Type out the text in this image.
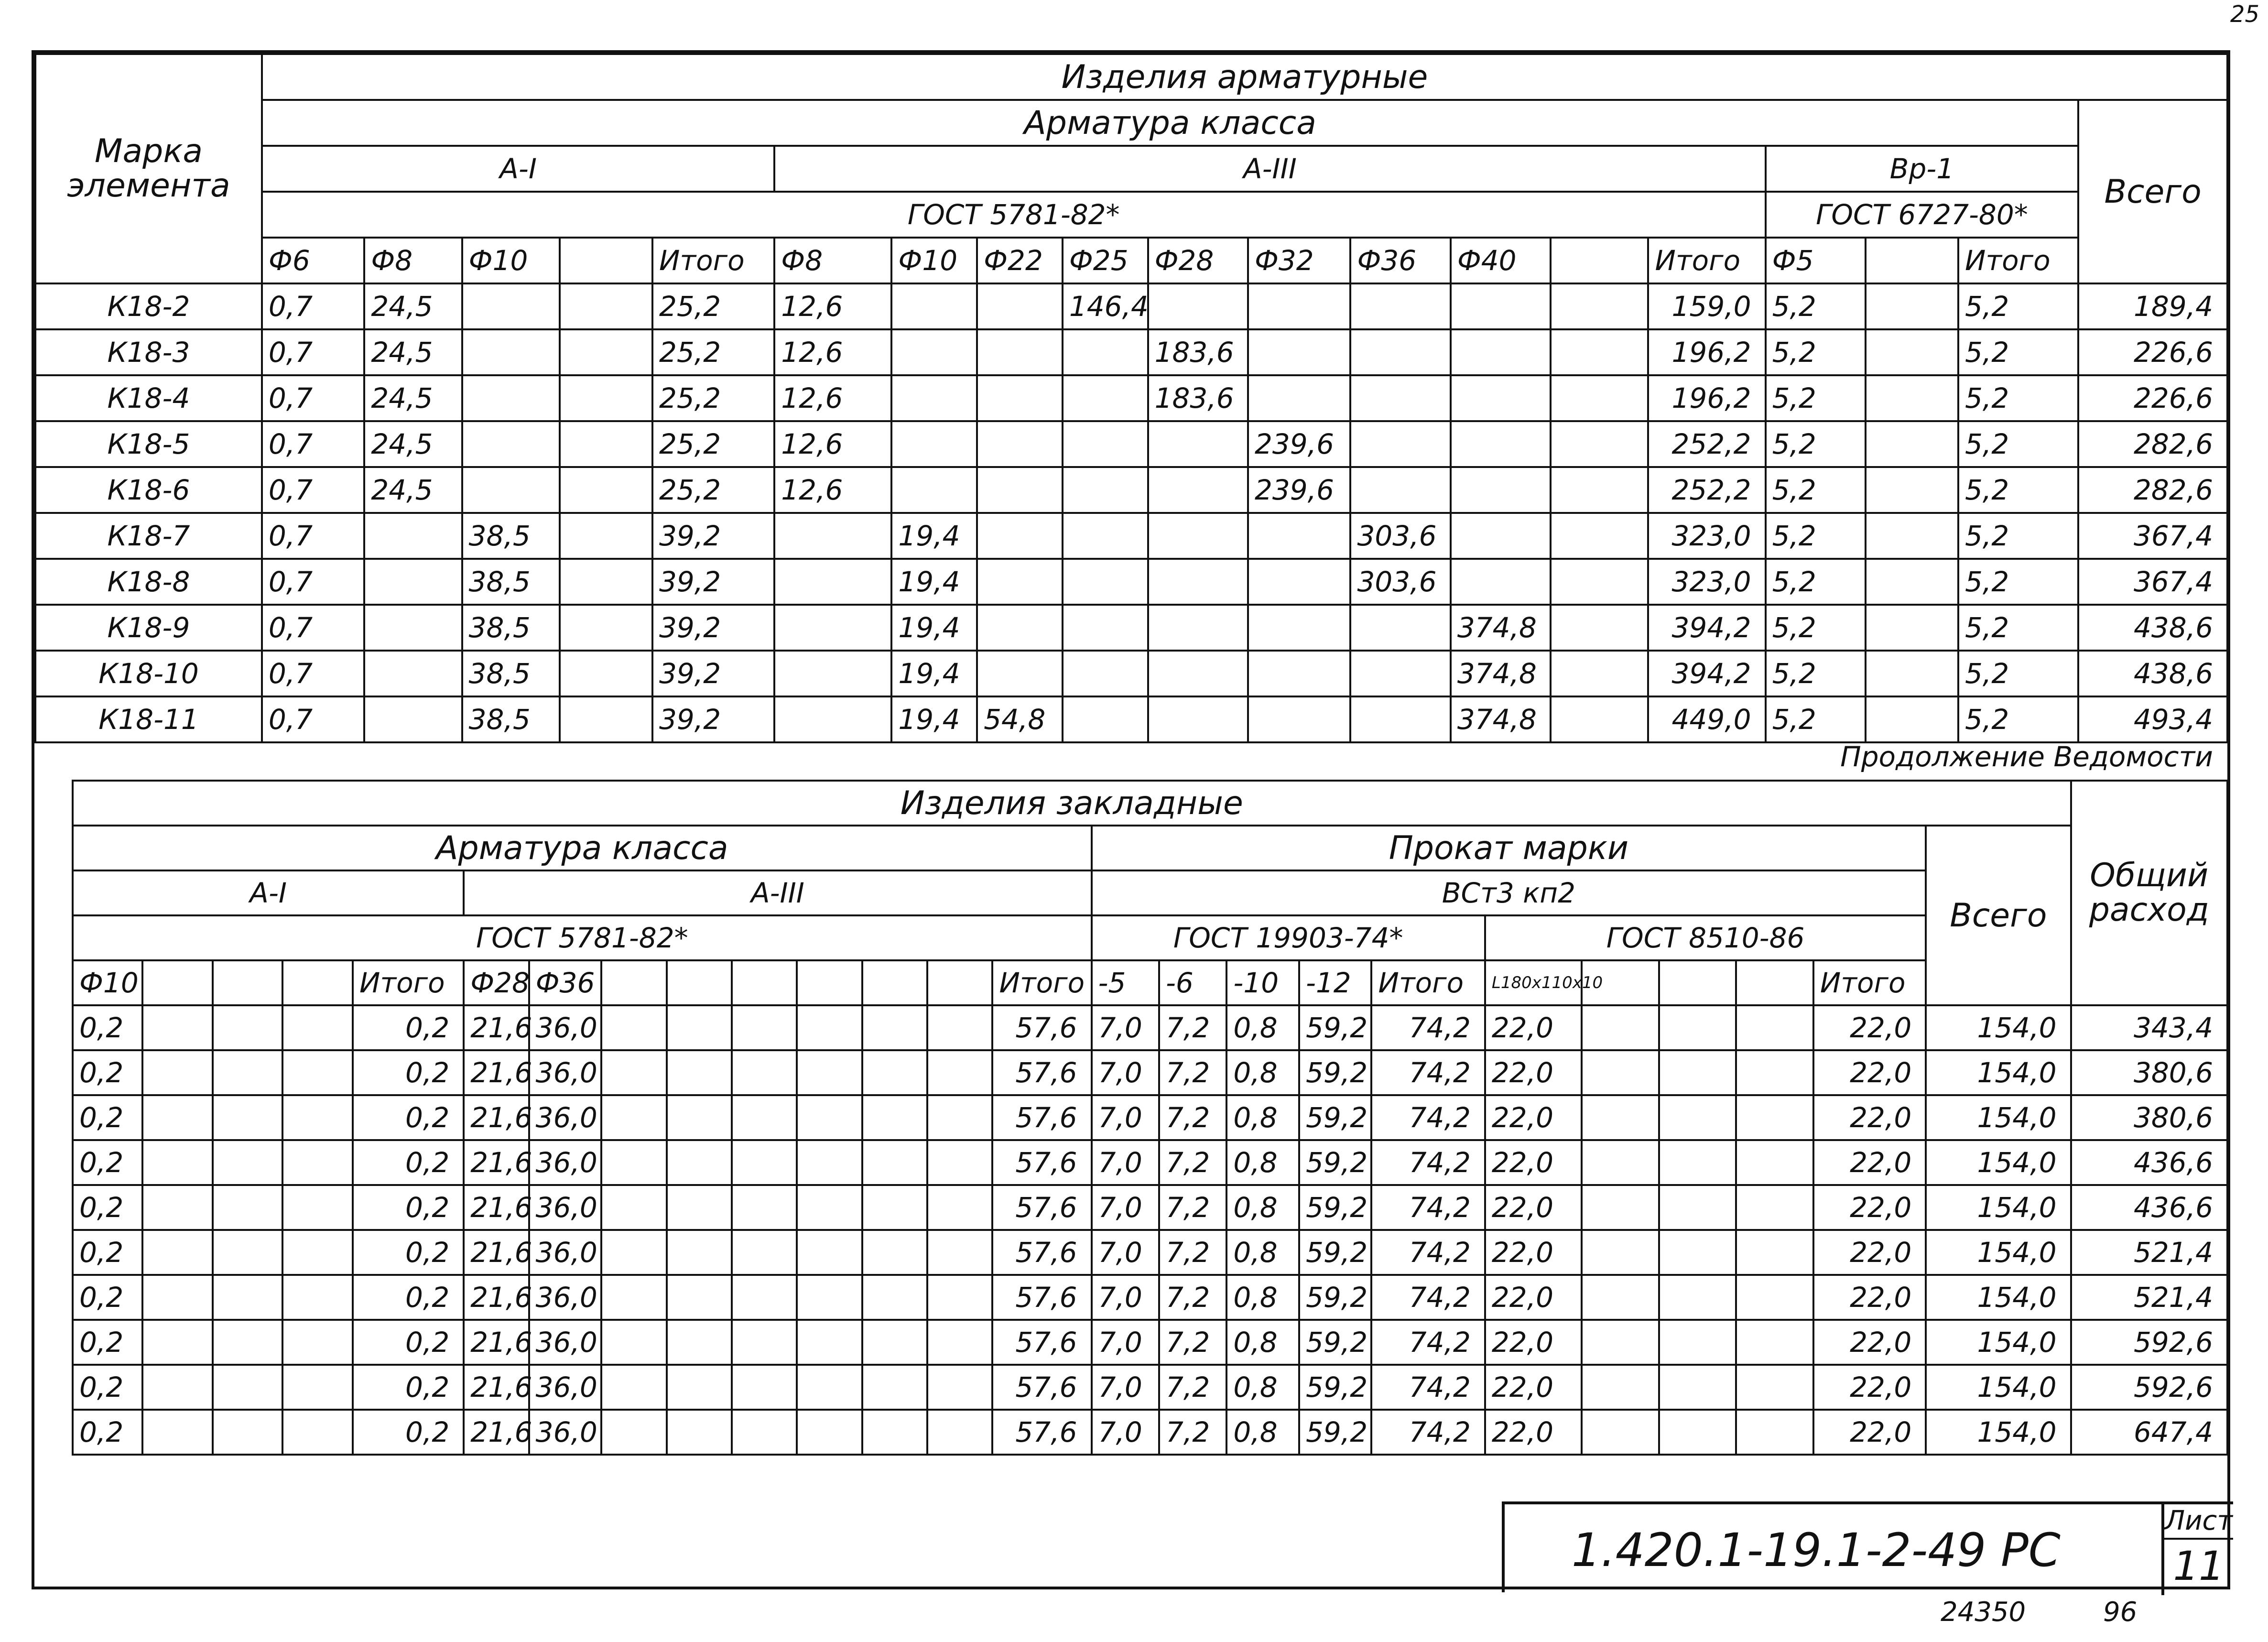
25
Марка элемента	Изделия арматурные																		
	Арматура класса																		Всего
	А-I					А-III										Вр-1			
	ГОСТ 5781-82*															ГОСТ 6727-80*			
	Ф6	Ф8	Ф10		Итого	Ф8	Ф10	Ф22	Ф25	Ф28	Ф32	Ф36	Ф40		Итого	Ф5		Итого	
К18-2	0,7	24,5			25,2	12,6			146,4						159,0	5,2		5,2	189,4
К18-3	0,7	24,5			25,2	12,6				183,6					196,2	5,2		5,2	226,6
К18-4	0,7	24,5			25,2	12,6				183,6					196,2	5,2		5,2	226,6
К18-5	0,7	24,5			25,2	12,6					239,6				252,2	5,2		5,2	282,6
К18-6	0,7	24,5			25,2	12,6					239,6				252,2	5,2		5,2	282,6
К18-7	0,7		38,5		39,2		19,4					303,6			323,0	5,2		5,2	367,4
К18-8	0,7		38,5		39,2		19,4					303,6			323,0	5,2		5,2	367,4
К18-9	0,7		38,5		39,2		19,4						374,8		394,2	5,2		5,2	438,6
К18-10	0,7		38,5		39,2		19,4						374,8		394,2	5,2		5,2	438,6
К18-11	0,7		38,5		39,2		19,4	54,8					374,8		449,0	5,2		5,2	493,4
Продолжение Ведомости
Изделия закладные																									Общий расход
Арматура класса														Прокат марки										Всего	
А-I					А-III									ВСт3 кп2											
ГОСТ 5781-82*														ГОСТ 19903-74*					ГОСТ 8510-86						
Ф10				Итого	Ф28	Ф36							Итого	-5	-6	-10	-12	Итого	L180x110x10				Итого		
0,2				0,2	21,6	36,0							57,6	7,0	7,2	0,8	59,2	74,2	22,0				22,0	154,0	343,4
0,2				0,2	21,6	36,0							57,6	7,0	7,2	0,8	59,2	74,2	22,0				22,0	154,0	380,6
0,2				0,2	21,6	36,0							57,6	7,0	7,2	0,8	59,2	74,2	22,0				22,0	154,0	380,6
0,2				0,2	21,6	36,0							57,6	7,0	7,2	0,8	59,2	74,2	22,0				22,0	154,0	436,6
0,2				0,2	21,6	36,0							57,6	7,0	7,2	0,8	59,2	74,2	22,0				22,0	154,0	436,6
0,2				0,2	21,6	36,0							57,6	7,0	7,2	0,8	59,2	74,2	22,0				22,0	154,0	521,4
0,2				0,2	21,6	36,0							57,6	7,0	7,2	0,8	59,2	74,2	22,0				22,0	154,0	521,4
0,2				0,2	21,6	36,0							57,6	7,0	7,2	0,8	59,2	74,2	22,0				22,0	154,0	592,6
0,2				0,2	21,6	36,0							57,6	7,0	7,2	0,8	59,2	74,2	22,0				22,0	154,0	592,6
0,2				0,2	21,6	36,0							57,6	7,0	7,2	0,8	59,2	74,2	22,0				22,0	154,0	647,4
1.420.1-19.1-2-49 РС
Лист
11
24350	96
